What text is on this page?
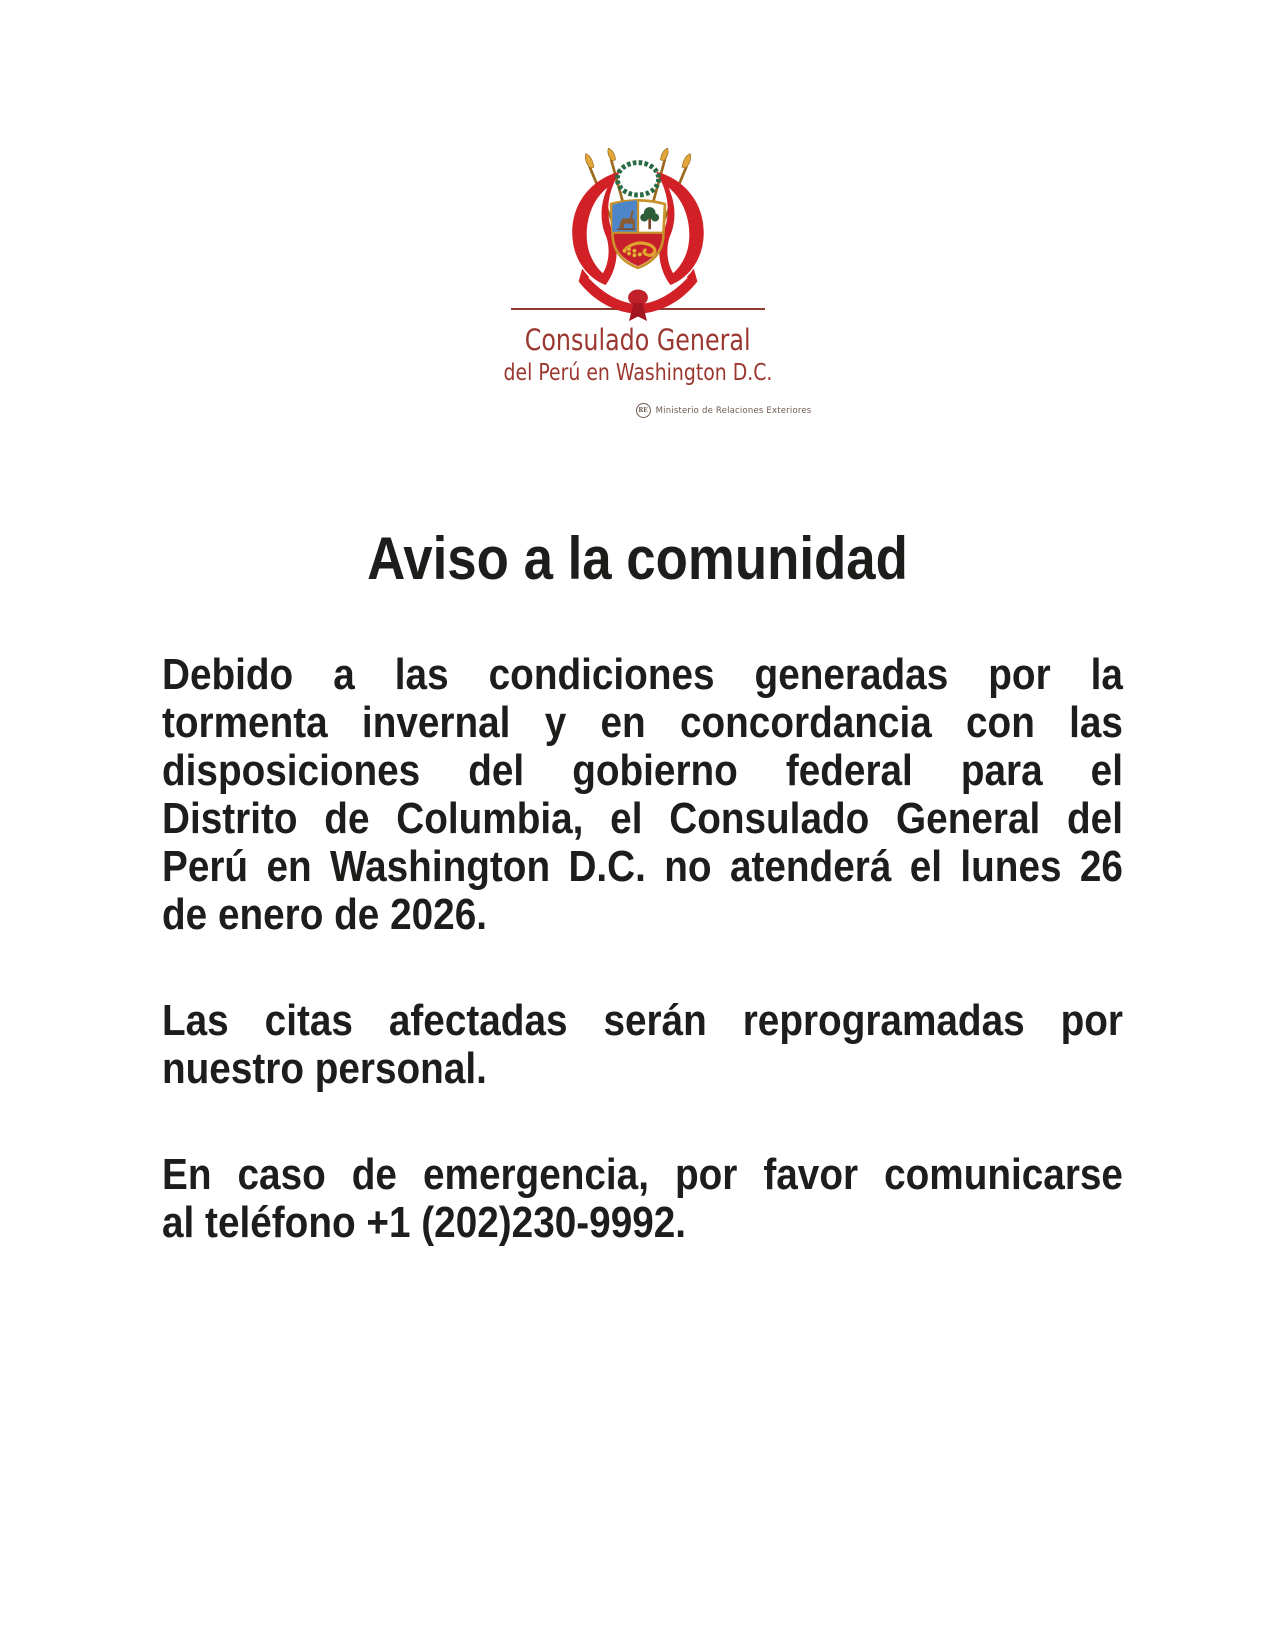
Consulado General
del Perú en Washington D.C.
RE Ministerio de Relaciones Exteriores
Aviso a la comunidad
Debido a las condiciones generadas por la
tormenta invernal y en concordancia con las
disposiciones del gobierno federal para el
Distrito de Columbia, el Consulado General del
Perú en Washington D.C. no atenderá el lunes 26
de enero de 2026.
Las citas afectadas serán reprogramadas por
nuestro personal.
En caso de emergencia, por favor comunicarse
al teléfono +1 (202)230-9992.
